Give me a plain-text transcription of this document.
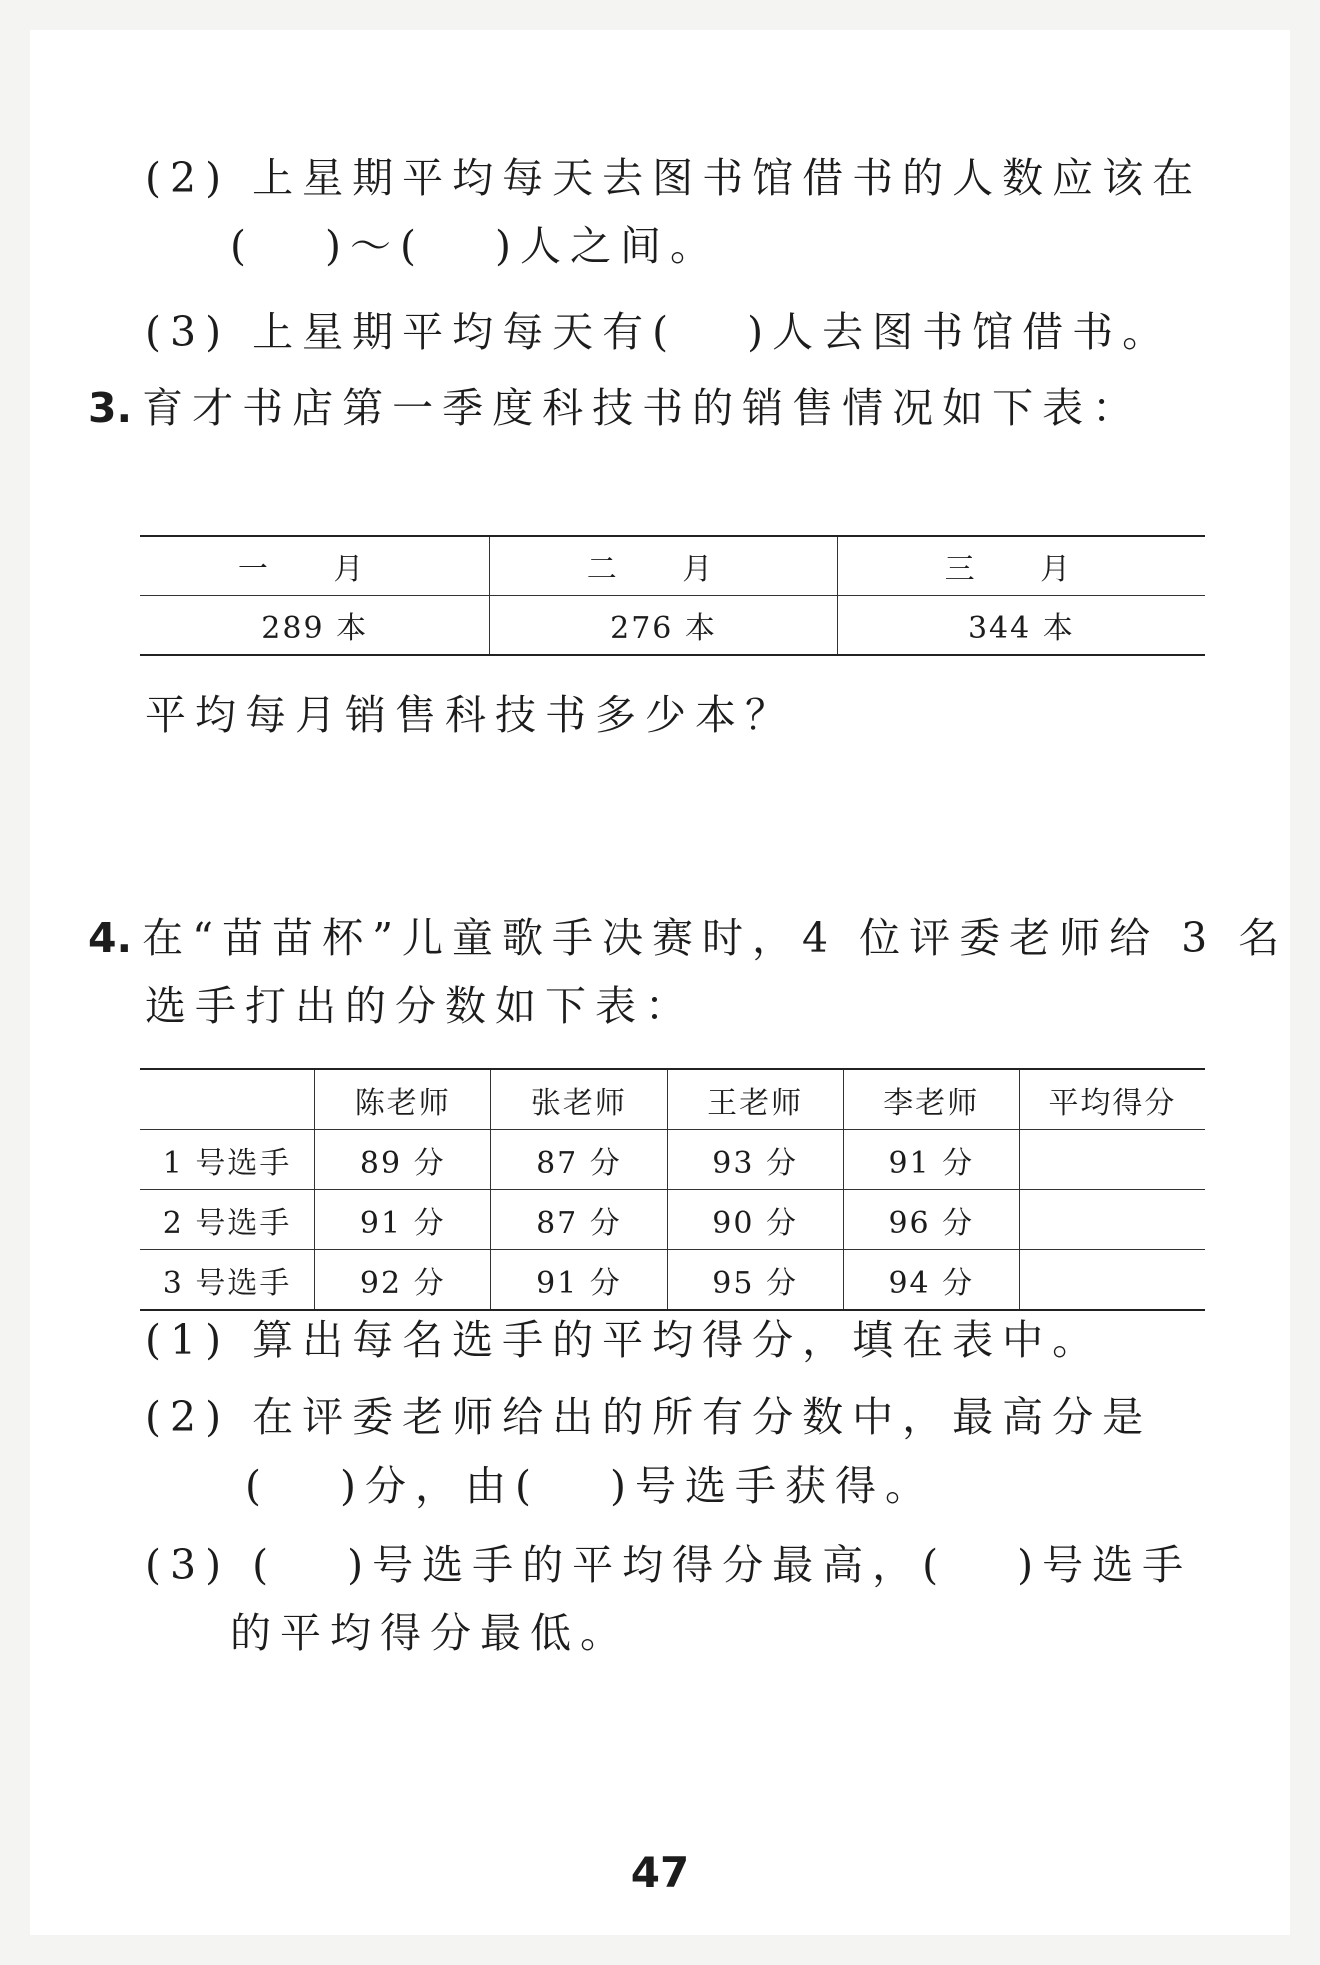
(2) 上星期平均每天去图书馆借书的人数应该在
( )～( )人之间。
(3) 上星期平均每天有( )人去图书馆借书。
3. 育才书店第一季度科技书的销售情况如下表：
一 月	二 月	三 月
289 本	276 本	344 本
平均每月销售科技书多少本？
4. 在“苗苗杯”儿童歌手决赛时，4 位评委老师给 3 名
选手打出的分数如下表：
	陈老师	张老师	王老师	李老师	平均得分
1 号选手	89 分	87 分	93 分	91 分	
2 号选手	91 分	87 分	90 分	96 分	
3 号选手	92 分	91 分	95 分	94 分	
(1) 算出每名选手的平均得分，填在表中。
(2) 在评委老师给出的所有分数中，最高分是
( )分，由( )号选手获得。
(3) ( )号选手的平均得分最高，( )号选手
的平均得分最低。
47
